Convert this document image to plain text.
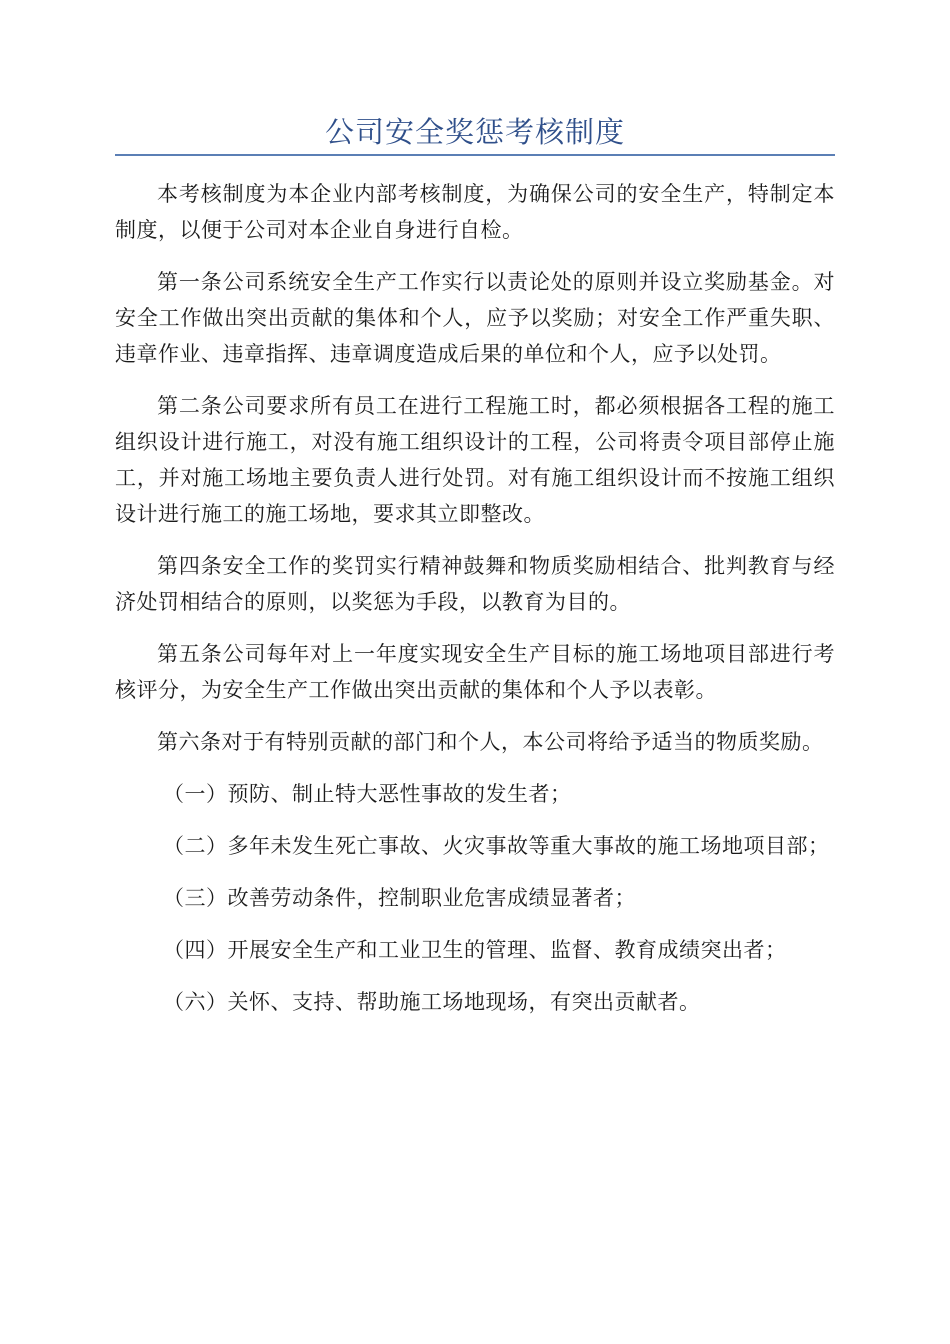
公司安全奖惩考核制度

本考核制度为本企业内部考核制度，为确保公司的安全生产，特制定本制度，以便于公司对本企业自身进行自检。

第一条公司系统安全生产工作实行以责论处的原则并设立奖励基金。对安全工作做出突出贡献的集体和个人，应予以奖励；对安全工作严重失职、违章作业、违章指挥、违章调度造成后果的单位和个人，应予以处罚。

第二条公司要求所有员工在进行工程施工时，都必须根据各工程的施工组织设计进行施工，对没有施工组织设计的工程，公司将责令项目部停止施工，并对施工场地主要负责人进行处罚。对有施工组织设计而不按施工组织设计进行施工的施工场地，要求其立即整改。

第四条安全工作的奖罚实行精神鼓舞和物质奖励相结合、批判教育与经济处罚相结合的原则，以奖惩为手段，以教育为目的。

第五条公司每年对上一年度实现安全生产目标的施工场地项目部进行考核评分，为安全生产工作做出突出贡献的集体和个人予以表彰。

第六条对于有特别贡献的部门和个人，本公司将给予适当的物质奖励。

（一）预防、制止特大恶性事故的发生者；

（二）多年未发生死亡事故、火灾事故等重大事故的施工场地项目部；

（三）改善劳动条件，控制职业危害成绩显著者；

（四）开展安全生产和工业卫生的管理、监督、教育成绩突出者；

（六）关怀、支持、帮助施工场地现场，有突出贡献者。
